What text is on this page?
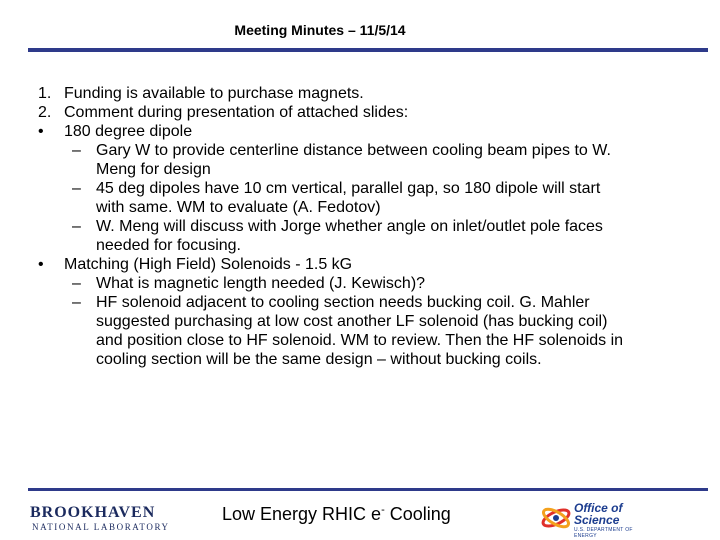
Meeting Minutes – 11/5/14
1. Funding is available to purchase magnets.
2. Comment during presentation of attached slides:
•	180 degree dipole
– Gary W to provide centerline distance between cooling beam pipes to W.
Meng for design
– 45 deg dipoles have 10 cm vertical, parallel gap, so 180 dipole will start
with same. WM to evaluate (A. Fedotov)
– W. Meng will discuss with Jorge whether angle on inlet/outlet pole faces
needed for focusing.
•	Matching (High Field) Solenoids - 1.5 kG
– What is magnetic length needed (J. Kewisch)?
– HF solenoid adjacent to cooling section needs bucking coil. G. Mahler
suggested purchasing at low cost another LF solenoid (has bucking coil)
and position close to HF solenoid. WM to review. Then the HF solenoids in
cooling section will be the same design – without bucking coils.
BROOKHAVEN
NATIONAL LABORATORY
Low Energy RHIC e- Cooling	Office of
Science
U.S. DEPARTMENT OF ENERGY
